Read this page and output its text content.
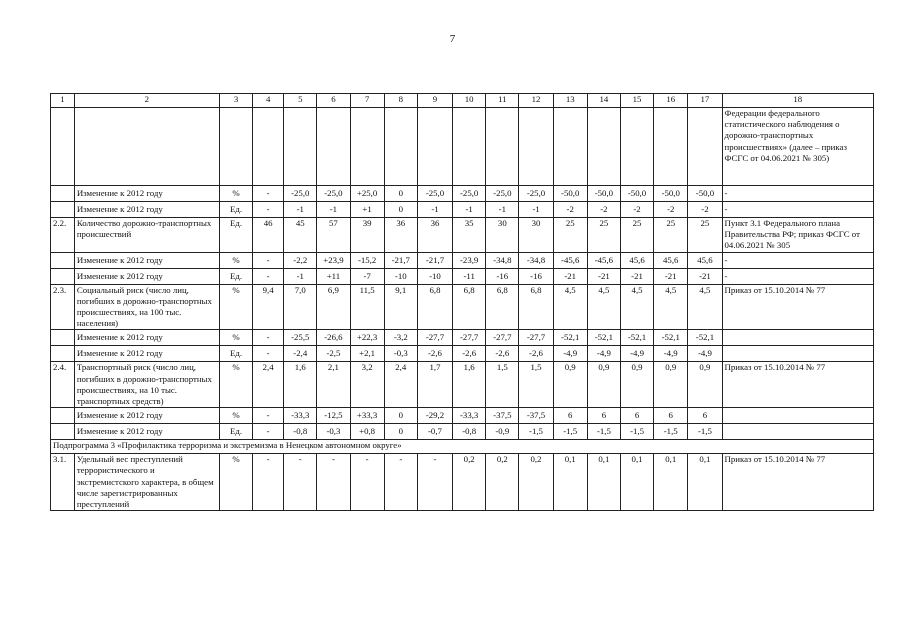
7
1	2	3	4	5	6	7	8	9	10	11	12	13	14	15	16	17	18
																	Федерации федерального статистического наблюдения о дорожно-транспортных происшествиях» (далее – приказ ФСГС от 04.06.2021 № 305)
	Изменение к 2012 году	%	-	-25,0	-25,0	+25,0	0	-25,0	-25,0	-25,0	-25,0	-50,0	-50,0	-50,0	-50,0	-50,0	-
	Изменение к 2012 году	Ед.	-	-1	-1	+1	0	-1	-1	-1	-1	-2	-2	-2	-2	-2	-
2.2.	Количество дорожно-транспортных происшествий	Ед.	46	45	57	39	36	36	35	30	30	25	25	25	25	25	Пункт 3.1 Федерального плана Правительства РФ; приказ ФСГС от 04.06.2021 № 305
	Изменение к 2012 году	%	-	-2,2	+23,9	-15,2	-21,7	-21,7	-23,9	-34,8	-34,8	-45,6	-45,6	45,6	45,6	45,6	-
	Изменение к 2012 году	Ед.	-	-1	+11	-7	-10	-10	-11	-16	-16	-21	-21	-21	-21	-21	-
2.3.	Социальный риск (число лиц, погибших в дорожно-транспортных происшествиях, на 100 тыс. населения)	%	9,4	7,0	6,9	11,5	9,1	6,8	6,8	6,8	6,8	4,5	4,5	4,5	4,5	4,5	Приказ от 15.10.2014 № 77
	Изменение к 2012 году	%	-	-25,5	-26,6	+22,3	-3,2	-27,7	-27,7	-27,7	-27,7	-52,1	-52,1	-52,1	-52,1	-52,1	
	Изменение к 2012 году	Ед.	-	-2,4	-2,5	+2,1	-0,3	-2,6	-2,6	-2,6	-2,6	-4,9	-4,9	-4,9	-4,9	-4,9	
2.4.	Транспортный риск (число лиц, погибших в дорожно-транспортных происшествиях, на 10 тыс. транспортных средств)	%	2,4	1,6	2,1	3,2	2,4	1,7	1,6	1,5	1,5	0,9	0,9	0,9	0,9	0,9	Приказ от 15.10.2014 № 77
	Изменение к 2012 году	%	-	-33,3	-12,5	+33,3	0	-29,2	-33,3	-37,5	-37,5	6	6	6	6	6	
	Изменение к 2012 году	Ед.	-	-0,8	-0,3	+0,8	0	-0,7	-0,8	-0,9	-1,5	-1,5	-1,5	-1,5	-1,5	-1,5	
Подпрограмма 3 «Профилактика терроризма и экстремизма в Ненецком автономном округе»																	
3.1.	Удельный вес преступлений террористического и экстремистского характера, в общем числе зарегистрированных преступлений	%	-	-	-	-	-	-	0,2	0,2	0,2	0,1	0,1	0,1	0,1	0,1	Приказ от 15.10.2014 № 77
